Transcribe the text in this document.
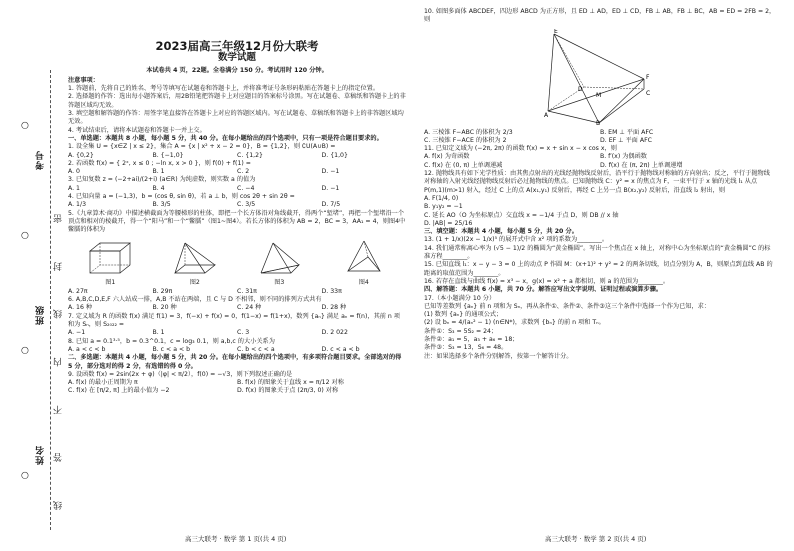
考号
班级
姓名 线 答 不 内 线 封 密
○
○
○
○
2023届高三年级12月份大联考
数学试题
本试卷共 4 页，22题。全卷满分 150 分。考试用时 120 分钟。
注意事项：

1. 答题前，先将自己的姓名、考号等填写在试题卷和答题卡上，并将准考证号条形码粘贴在答题卡上的指定位置。

2. 选择题的作答：选出每小题答案后，用2B铅笔把答题卡上对应题目的答案标号涂黑。写在试题卷、草稿纸和答题卡上的非答题区域均无效。

3. 填空题和解答题的作答：用签字笔直接答在答题卡上对应的答题区域内。写在试题卷、草稿纸和答题卡上的非答题区域均无效。

4. 考试结束后，请将本试题卷和答题卡一并上交。

一、单选题：本题共 8 小题，每小题 5 分，共 40 分。在每小题给出的四个选项中，只有一项是符合题目要求的。

1. 设全集 U = {x∈Z | x ≤ 2}，集合 A = {x | x² + x − 2 = 0}，B = {1,2}，则 ∁U(A∪B) =

A. {0,2}	B. {−1,0}	C. {1,2}	D. {1,0}

2. 若函数 f(x) = { 2ˣ, x ≤ 0 ; −ln x, x > 0 }，则 f(0) + f(1) =

A. 0	B. 1	C. 2	D. −1

3. 已知复数 z = (−2+ai)/(2+i) (a∈R) 为纯虚数，则实数 a 的值为

A. 1	B. 4	C. −4	D. −1

4. 已知向量 a = (−1,3)，b = (cos θ, sin θ)，若 a ⊥ b，则 cos 2θ + sin 2θ =

A. 1/3	B. 3/5	C. 3/5	D. 7/5

5.《九章算术·商功》中描述横截面为等腰梯形的柱体，即把一个长方体沿对角线截开，得两个“堑堵”，再把一个堑堵沿一个顶点和相对的棱截开，得一个“阳马”和一个“鳖臑”（图1~图4）。若长方体的体积为 AB = 2，BC = 3，AA₁ = 4，则图4中鳖臑的体积为

图1	图2	图3	图4
A. 27π	B. 29π	C. 31π	D. 33π

6. A,B,C,D,E,F 六人站成一排，A,B 不站在两端，且 C 与 D 不相邻，则不同的排列方式共有

A. 16 种	B. 20 种	C. 24 种	D. 28 种

7. 定义域为 R 的函数 f(x) 满足 f(1) = 3，f(−x) + f(x) = 0，f(1−x) = f(1+x)，数列 {aₙ} 满足 aₙ = f(n)，其前 n 项和为 Sₙ，则 S₂₀₂₂ =

A. −1	B. 1	C. 3	D. 2 022

8. 已知 a = 0.1³·⁵，b = 0.3^0.1，c = log₃ 0.1，则 a,b,c 的大小关系为

A. a < c < b	B. c < a < b	C. b < c < a	D. c < a < b
二、多选题：本题共 4 小题，每小题 5 分，共 20 分。在每小题给出的四个选项中，有多项符合题目要求。全部选对的得 5 分，部分选对的得 2 分，有选错的得 0 分。

9. 设函数 f(x) = 2sin(2x + φ)（|φ| < π/2），f(0) = −√3，则下列叙述正确的是

A. f(x) 的最小正周期为 π	B. f(x) 的图象关于直线 x = π/12 对称
C. f(x) 在 [π/2, π] 上的最小值为 −2	D. f(x) 的图象关于点 (2π/3, 0) 对称
高三大联考 · 数学 第 1 页(共 4 页)

10. 如图多面体 ABCDEF，四边形 ABCD 为正方形，且 ED ⊥ AD，ED ⊥ CD，FB ⊥ AB，FB ⊥ BC，AB = ED = 2FB = 2，则

E
F
A
C
B
D
M
A. 三棱锥 F−ABC 的体积为 2/3	B. EM ⊥ 平面 AFC
C. 三棱锥 F−ACE 的体积为 2	D. EF ⊥ 平面 AFC

11. 已知定义域为 (−2π, 2π) 的函数 f(x) = x + sin x − x cos x，则

A. f(x) 为奇函数	B. f′(x) 为偶函数
C. f(x) 在 (0, π) 上单调递减	D. f(x) 在 (π, 2π) 上单调递增

12. 抛物线具有如下光学性质：由其焦点射出的光线经抛物线反射后，沿平行于抛物线对称轴的方向射出；反之，平行于抛物线对称轴的入射光线经抛物线反射后必过抛物线的焦点。已知抛物线 C：y² = x 的焦点为 F，一束平行于 x 轴的光线 l₁ 从点 P(m,1)(m>1) 射入，经过 C 上的点 A(x₁,y₁) 反射后，再经 C 上另一点 B(x₂,y₂) 反射后，沿直线 l₂ 射出，则

A. F(1/4, 0)

B. y₁y₂ = −1

C. 延长 AO（O 为坐标原点）交直线 x = −1/4 于点 D，则 DB // x 轴

D. |AB| = 25/16

三、填空题：本题共 4 小题，每小题 5 分，共 20 分。

13. (1 + 1/x)(2x − 1/x)⁵ 的展开式中含 x² 项的系数为________。

14. 我们通常称离心率为 (√5 − 1)/2 的椭圆为“黄金椭圆”。写出一个焦点在 x 轴上，对称中心为坐标原点的“黄金椭圆”C 的标准方程________。

15. 已知直线 l₁：x − y − 3 = 0 上的动点 P 作圆 M：(x+1)² + y² = 2 的两条切线，切点分别为 A，B，则原点到直线 AB 的距离的取值范围为________。

16. 若存在直线与曲线 f(x) = x³ − x，g(x) = x² + a 都相切，则 a 的范围为________。

四、解答题：本题共 6 小题，共 70 分。解答应写出文字说明、证明过程或演算步骤。

17.（本小题满分 10 分）

已知等差数列 {aₙ} 前 n 项和为 Sₙ，再从条件①、条件②、条件③这三个条件中选择一个作为已知，求：

(1) 数列 {aₙ} 的通项公式；

(2) 设 bₙ = 4/(aₙ² − 1) (n∈N*)，求数列 {bₙ} 的前 n 项和 Tₙ。

条件①：S₃ = 5S₂ = 24；

条件②：a₁ = 5，a₃ + a₆ = 18；

条件③：S₃ = 13，S₆ = 48。

注：如果选择多个条件分别解答，按第一个解答计分。

高三大联考 · 数学 第 2 页(共 4 页)
